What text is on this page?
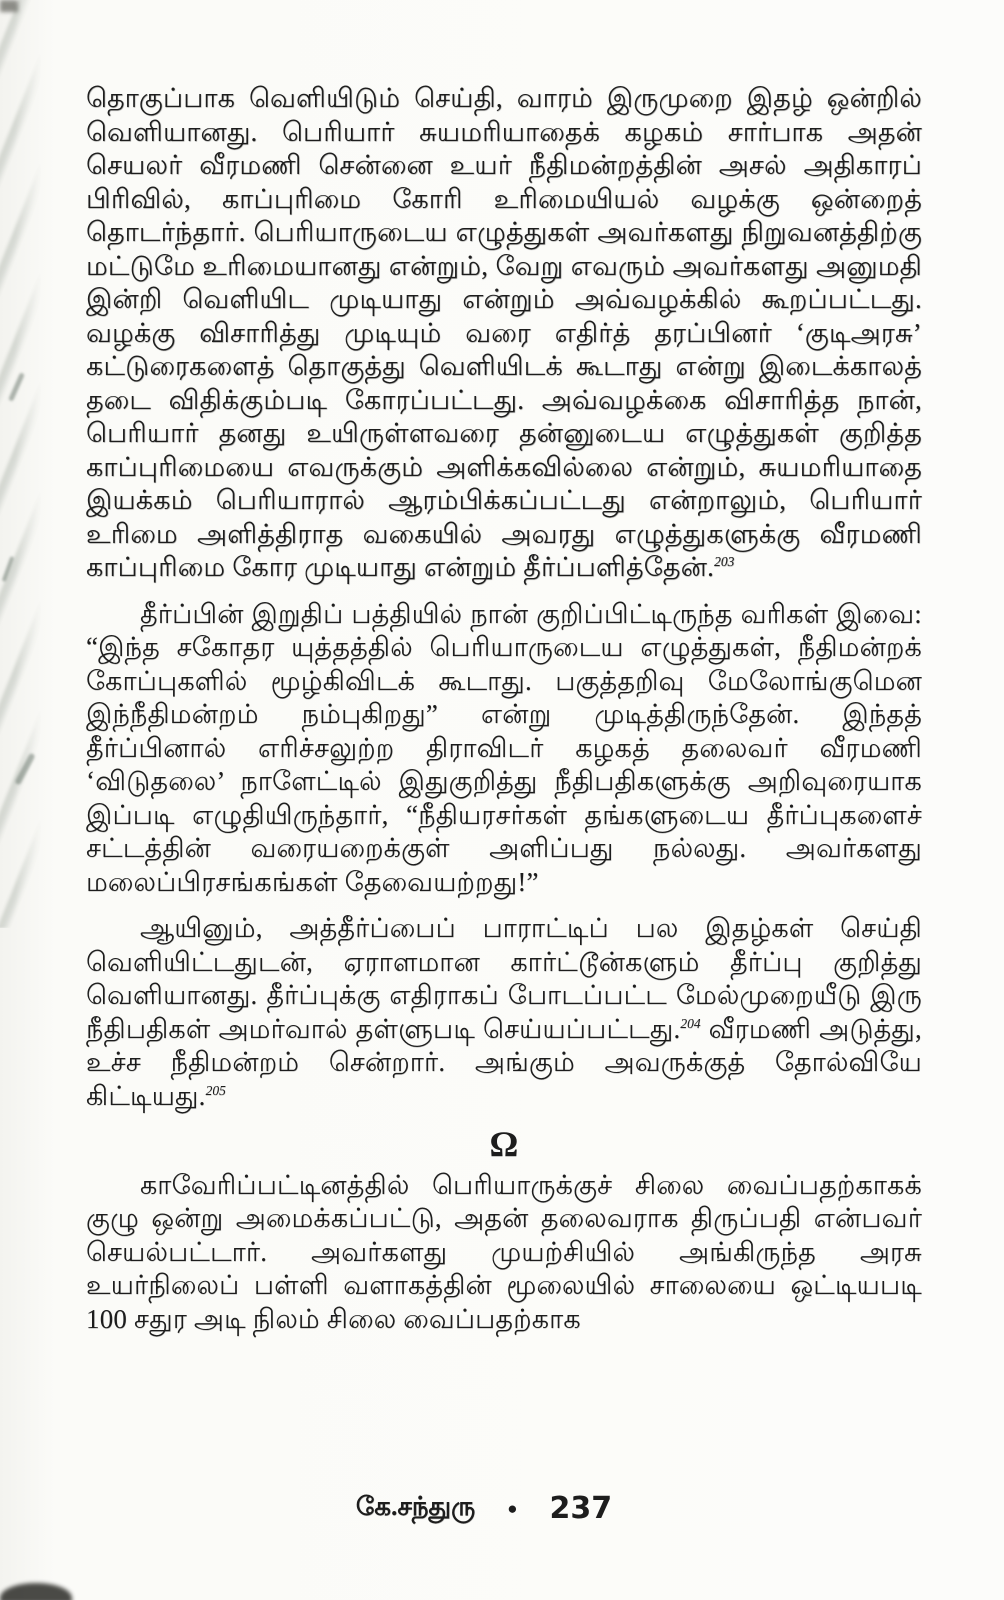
தொகுப்பாக வெளியிடும் செய்தி, வாரம் இருமுறை இதழ் ஒன்றில் வெளியானது. பெரியார் சுயமரியாதைக் கழகம் சார்பாக அதன் செயலர் வீரமணி சென்னை உயர் நீதிமன்றத்தின் அசல் அதிகாரப் பிரிவில், காப்புரிமை கோரி உரிமையியல் வழக்கு ஒன்றைத் தொடர்ந்தார். பெரியாருடைய எழுத்துகள் அவர்களது நிறுவனத்திற்கு மட்டுமே உரிமையானது என்றும், வேறு எவரும் அவர்களது அனுமதி இன்றி வெளியிட முடியாது என்றும் அவ்வழக்கில் கூறப்பட்டது. வழக்கு விசாரித்து முடியும் வரை எதிர்த் தரப்பினர் ‘குடிஅரசு’ கட்டுரைகளைத் தொகுத்து வெளியிடக் கூடாது என்று இடைக்காலத் தடை விதிக்கும்படி கோரப்பட்டது. அவ்வழக்கை விசாரித்த நான், பெரியார் தனது உயிருள்ளவரை தன்னுடைய எழுத்துகள் குறித்த காப்புரிமையை எவருக்கும் அளிக்கவில்லை என்றும், சுயமரியாதை இயக்கம் பெரியாரால் ஆரம்பிக்கப்பட்டது என்றாலும், பெரியார் உரிமை அளித்திராத வகையில் அவரது எழுத்துகளுக்கு வீரமணி காப்புரிமை கோர முடியாது என்றும் தீர்ப்பளித்தேன்.$^{203}$

தீர்ப்பின் இறுதிப் பத்தியில் நான் குறிப்பிட்டிருந்த வரிகள் இவை: “இந்த சகோதர யுத்தத்தில் பெரியாருடைய எழுத்துகள், நீதிமன்றக் கோப்புகளில் மூழ்கிவிடக் கூடாது. பகுத்தறிவு மேலோங்குமென இந்நீதிமன்றம் நம்புகிறது” என்று முடித்திருந்தேன். இந்தத் தீர்ப்பினால் எரிச்சலுற்ற திராவிடர் கழகத் தலைவர் வீரமணி ‘விடுதலை’ நாளேட்டில் இதுகுறித்து நீதிபதிகளுக்கு அறிவுரையாக இப்படி எழுதியிருந்தார், “நீதியரசர்கள் தங்களுடைய தீர்ப்புகளைச் சட்டத்தின் வரையறைக்குள் அளிப்பது நல்லது. அவர்களது மலைப்பிரசங்கங்கள் தேவையற்றது!”

ஆயினும், அத்தீர்ப்பைப் பாராட்டிப் பல இதழ்கள் செய்தி வெளியிட்டதுடன், ஏராளமான கார்ட்டூன்களும் தீர்ப்பு குறித்து வெளியானது. தீர்ப்புக்கு எதிராகப் போடப்பட்ட மேல்முறையீடு இரு நீதிபதிகள் அமர்வால் தள்ளுபடி செய்யப்பட்டது.$^{204}$ வீரமணி அடுத்து, உச்ச நீதிமன்றம் சென்றார். அங்கும் அவருக்குத் தோல்வியே கிட்டியது.$^{205}$

Ω

காவேரிப்பட்டினத்தில் பெரியாருக்குச் சிலை வைப்பதற்காகக் குழு ஒன்று அமைக்கப்பட்டு, அதன் தலைவராக திருப்பதி என்பவர் செயல்பட்டார். அவர்களது முயற்சியில் அங்கிருந்த அரசு உயர்நிலைப் பள்ளி வளாகத்தின் மூலையில் சாலையை ஒட்டியபடி 100 சதுர அடி நிலம் சிலை வைப்பதற்காக

கே.சந்துரு ● 237
